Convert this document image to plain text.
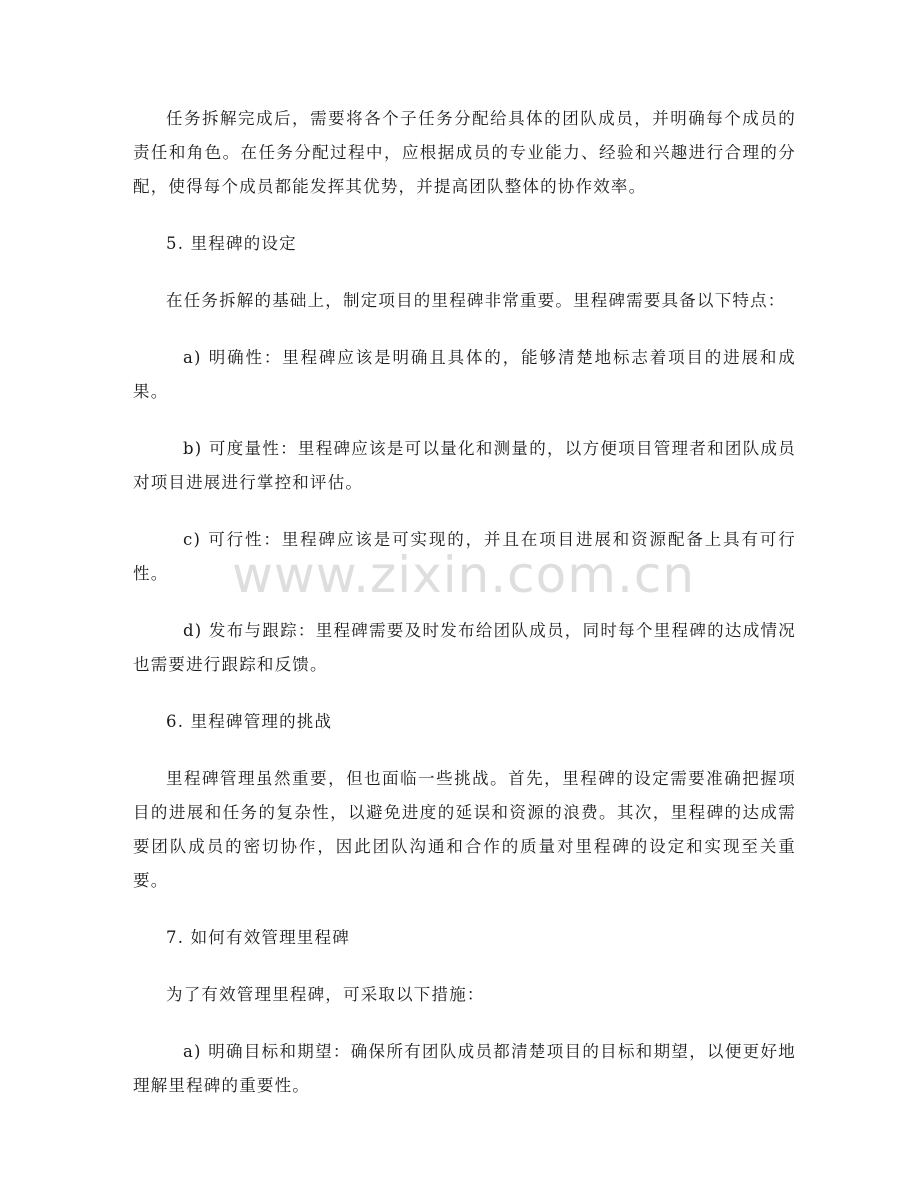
任务拆解完成后，需要将各个子任务分配给具体的团队成员，并明确每个成员的责任和角色。在任务分配过程中，应根据成员的专业能力、经验和兴趣进行合理的分配，使得每个成员都能发挥其优势，并提高团队整体的协作效率。

5. 里程碑的设定

在任务拆解的基础上，制定项目的里程碑非常重要。里程碑需要具备以下特点：

a) 明确性：里程碑应该是明确且具体的，能够清楚地标志着项目的进展和成果。

b) 可度量性：里程碑应该是可以量化和测量的，以方便项目管理者和团队成员对项目进展进行掌控和评估。

c) 可行性：里程碑应该是可实现的，并且在项目进展和资源配备上具有可行性。

d) 发布与跟踪：里程碑需要及时发布给团队成员，同时每个里程碑的达成情况也需要进行跟踪和反馈。

6. 里程碑管理的挑战

里程碑管理虽然重要，但也面临一些挑战。首先，里程碑的设定需要准确把握项目的进展和任务的复杂性，以避免进度的延误和资源的浪费。其次，里程碑的达成需要团队成员的密切协作，因此团队沟通和合作的质量对里程碑的设定和实现至关重要。

7. 如何有效管理里程碑

为了有效管理里程碑，可采取以下措施：

a) 明确目标和期望：确保所有团队成员都清楚项目的目标和期望，以便更好地理解里程碑的重要性。

www.zixin.com.cn
